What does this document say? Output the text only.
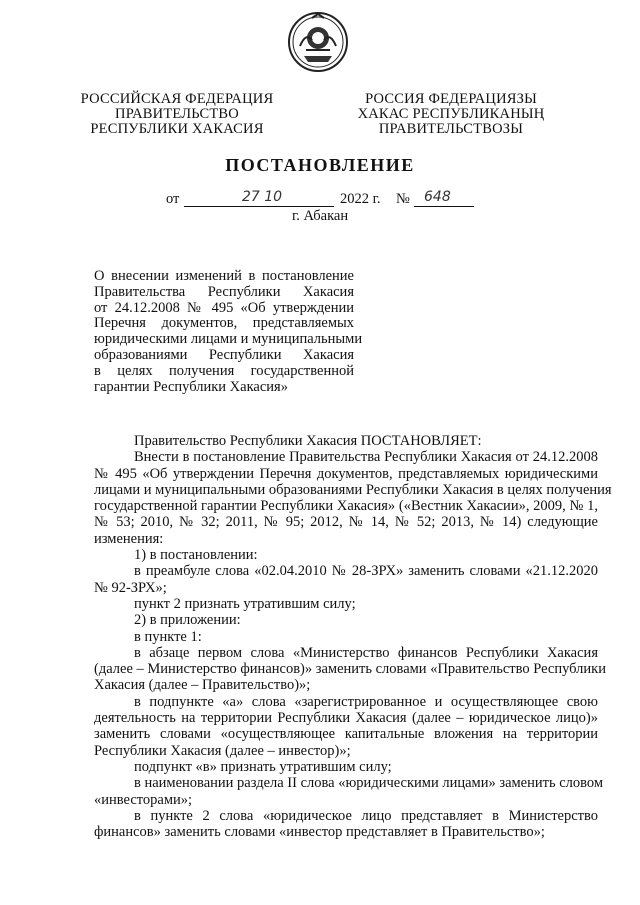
РОССИЙСКАЯ ФЕДЕРАЦИЯ
ПРАВИТЕЛЬСТВО
РЕСПУБЛИКИ ХАКАСИЯ
РОССИЯ ФЕДЕРАЦИЯЗЫ
ХАКАС РЕСПУБЛИКАНЫҢ
ПРАВИТЕЛЬСТВОЗЫ
ПОСТАНОВЛЕНИЕ
от	27 10	2022 г. № 648
г. Абакан
О внесении изменений в постановление
Правительства Республики Хакасия
от 24.12.2008 № 495 «Об утверждении
Перечня документов, представляемых
юридическими лицами и муниципальными
образованиями Республики Хакасия
в целях получения государственной
гарантии Республики Хакасия»
Правительство Республики Хакасия ПОСТАНОВЛЯЕТ:
Внести в постановление Правительства Республики Хакасия от 24.12.2008
№ 495 «Об утверждении Перечня документов, представляемых юридическими
лицами и муниципальными образованиями Республики Хакасия в целях получения
государственной гарантии Республики Хакасия» («Вестник Хакасии», 2009, № 1,
№ 53; 2010, № 32; 2011, № 95; 2012, № 14, № 52; 2013, № 14) следующие
изменения:
1) в постановлении:
в преамбуле слова «02.04.2010 № 28-ЗРХ» заменить словами «21.12.2020
№ 92-ЗРХ»;
пункт 2 признать утратившим силу;
2) в приложении:
в пункте 1:
в абзаце первом слова «Министерство финансов Республики Хакасия
(далее – Министерство финансов)» заменить словами «Правительство Республики
Хакасия (далее – Правительство)»;
в подпункте «а» слова «зарегистрированное и осуществляющее свою
деятельность на территории Республики Хакасия (далее – юридическое лицо)»
заменить словами «осуществляющее капитальные вложения на территории
Республики Хакасия (далее – инвестор)»;
подпункт «в» признать утратившим силу;
в наименовании раздела II слова «юридическими лицами» заменить словом
«инвесторами»;
в пункте 2 слова «юридическое лицо представляет в Министерство
финансов» заменить словами «инвестор представляет в Правительство»;
